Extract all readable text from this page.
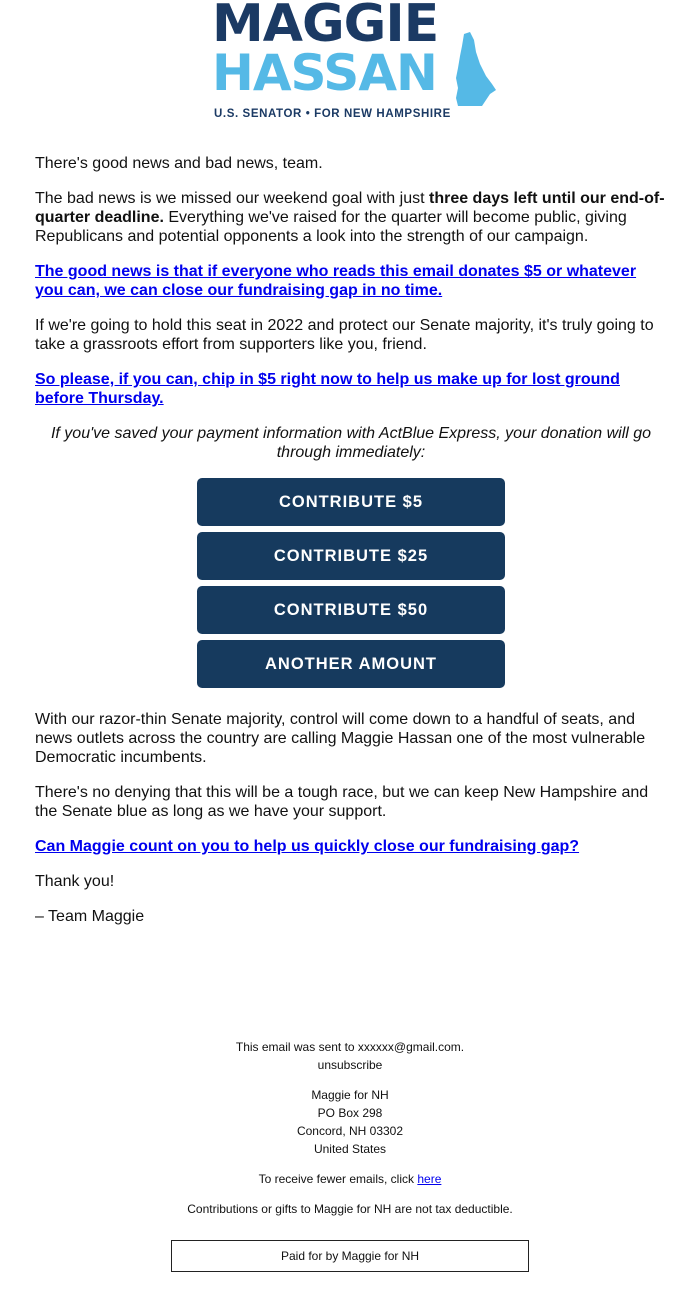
MAGGIE
HASSAN
U.S. SENATOR • FOR NEW HAMPSHIRE

There's good news and bad news, team.

The bad news is we missed our weekend goal with just three days left until our end-of-quarter deadline. Everything we've raised for the quarter will become public, giving Republicans and potential opponents a look into the strength of our campaign.

The good news is that if everyone who reads this email donates $5 or whatever you can, we can close our fundraising gap in no time.

If we're going to hold this seat in 2022 and protect our Senate majority, it's truly going to take a grassroots effort from supporters like you, friend.

So please, if you can, chip in $5 right now to help us make up for lost ground before Thursday.

If you've saved your payment information with ActBlue Express, your donation will go through immediately:

CONTRIBUTE $5
CONTRIBUTE $25
CONTRIBUTE $50
ANOTHER AMOUNT

With our razor-thin Senate majority, control will come down to a handful of seats, and news outlets across the country are calling Maggie Hassan one of the most vulnerable Democratic incumbents.

There's no denying that this will be a tough race, but we can keep New Hampshire and the Senate blue as long as we have your support.

Can Maggie count on you to help us quickly close our fundraising gap?

Thank you!

– Team Maggie

This email was sent to xxxxxx@gmail.com.

unsubscribe

Maggie for NH

PO Box 298

Concord, NH 03302

United States

To receive fewer emails, click here

Contributions or gifts to Maggie for NH are not tax deductible.

Paid for by Maggie for NH
